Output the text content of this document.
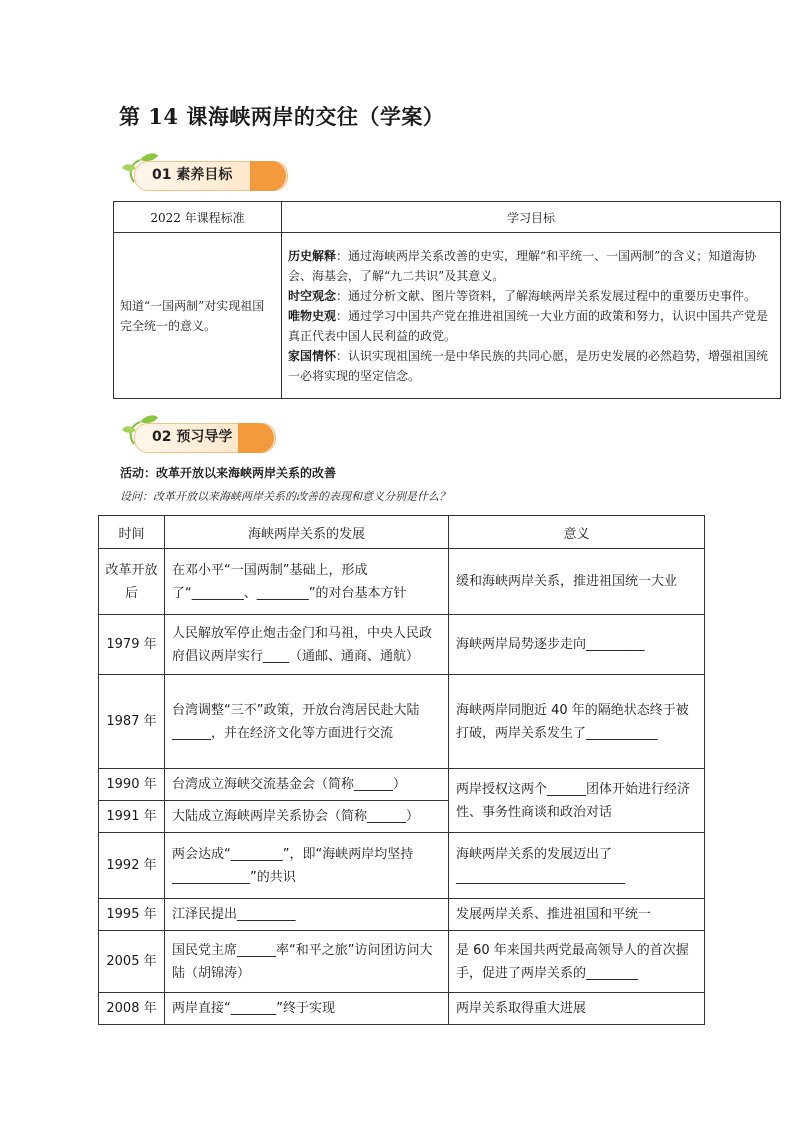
第 14 课海峡两岸的交往（学案）
01 素养目标
2022 年课程标准	学习目标
知道“一国两制”对实现祖国完全统一的意义。	历史解释：通过海峡两岸关系改善的史实，理解“和平统一、一国两制”的含义；知道海协会、海基会，了解“九二共识”及其意义。
时空观念：通过分析文献、图片等资料，了解海峡两岸关系发展过程中的重要历史事件。
唯物史观：通过学习中国共产党在推进祖国统一大业方面的政策和努力，认识中国共产党是真正代表中国人民利益的政党。
家国情怀：认识实现祖国统一是中华民族的共同心愿，是历史发展的必然趋势，增强祖国统一必将实现的坚定信念。
02 预习导学
活动：改革开放以来海峡两岸关系的改善
设问：改革开放以来海峡两岸关系的改善的表现和意义分别是什么？
时间	海峡两岸关系的发展	意义
改革开放后	在邓小平“一国两制”基础上，形成了“________、________”的对台基本方针	缓和海峡两岸关系，推进祖国统一大业
1979 年	人民解放军停止炮击金门和马祖，中央人民政府倡议两岸实行____（通邮、通商、通航）	海峡两岸局势逐步走向_________
1987 年	台湾调整“三不”政策，开放台湾居民赴大陆______，并在经济文化等方面进行交流	海峡两岸同胞近 40 年的隔绝状态终于被打破，两岸关系发生了___________
1990 年	台湾成立海峡交流基金会（简称______）	两岸授权这两个______团体开始进行经济性、事务性商谈和政治对话
1991 年	大陆成立海峡两岸关系协会（简称______）	
1992 年	两会达成“________”，即“海峡两岸均坚持____________”的共识	海峡两岸关系的发展迈出了__________________________
1995 年	江泽民提出_________	发展两岸关系、推进祖国和平统一
2005 年	国民党主席______率“和平之旅”访问团访问大陆（胡锦涛）	是 60 年来国共两党最高领导人的首次握手，促进了两岸关系的________
2008 年	两岸直接“_______”终于实现	两岸关系取得重大进展
